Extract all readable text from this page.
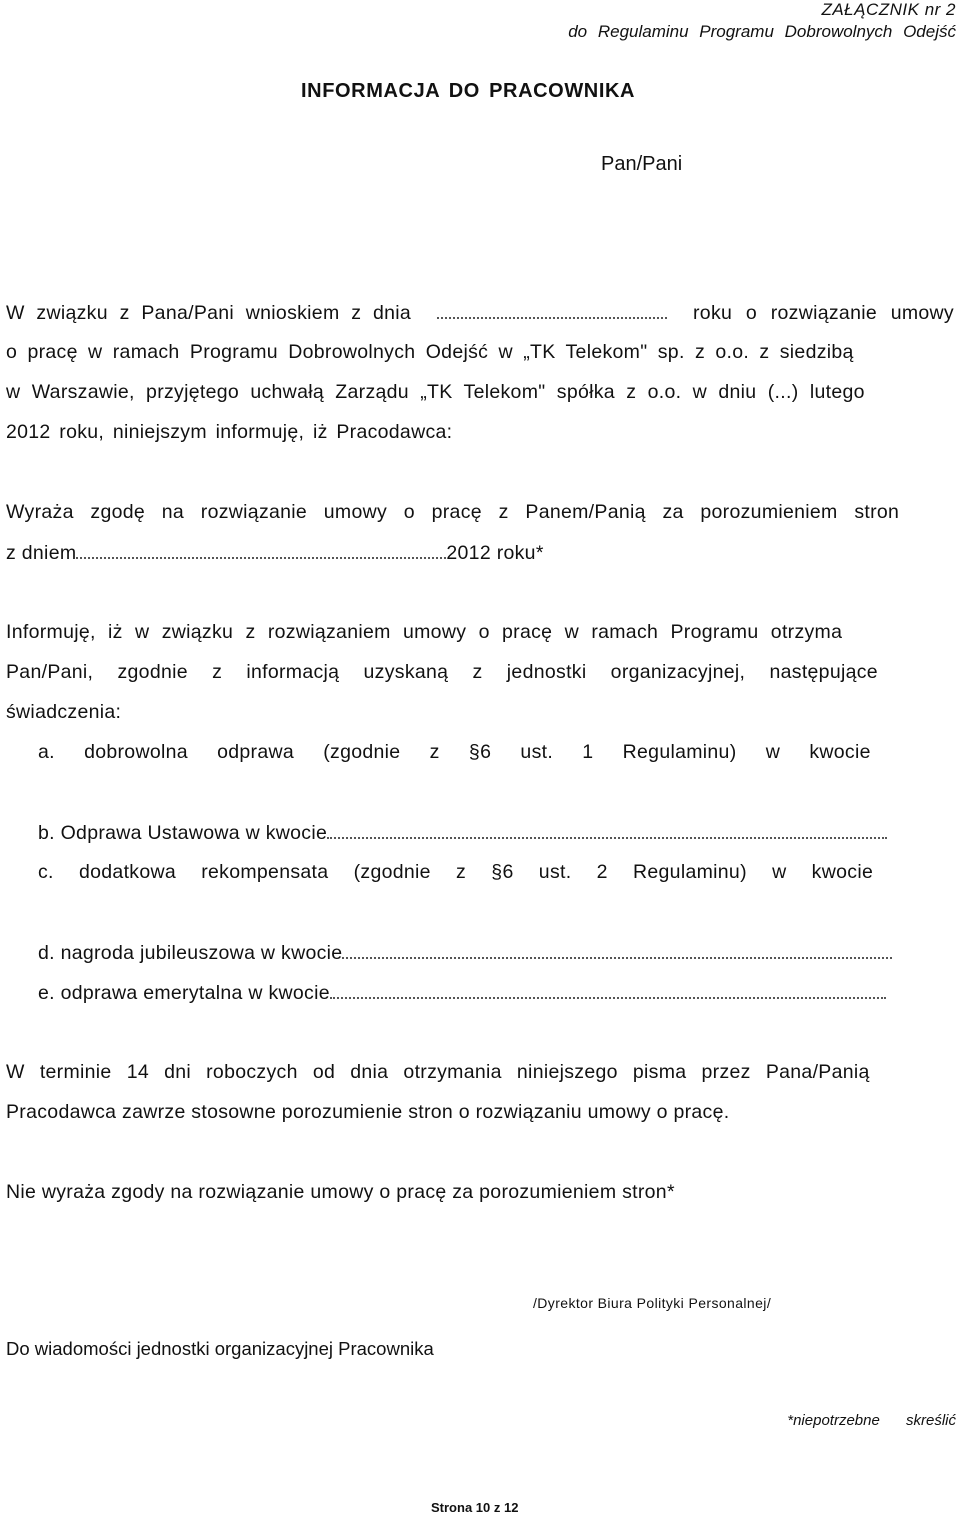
ZAŁĄCZNIK nr 2
do Regulaminu Programu Dobrowolnych Odejść
INFORMACJA DO PRACOWNIKA
Pan/Pani
W związku z Pana/Pani wnioskiem z dnia	roku o rozwiązanie umowy
o pracę w ramach Programu Dobrowolnych Odejść w „TK Telekom" sp. z o.o. z siedzibą
w Warszawie, przyjętego uchwałą Zarządu „TK Telekom" spółka z o.o. w dniu (...) lutego
2012 roku, niniejszym informuję, iż Pracodawca:
Wyraża zgodę na rozwiązanie umowy o pracę z Panem/Panią za porozumieniem stron
z dniem	2012 roku*
Informuję, iż w związku z rozwiązaniem umowy o pracę w ramach Programu otrzyma
Pan/Pani, zgodnie z informacją uzyskaną z jednostki organizacyjnej, następujące
świadczenia:
a. dobrowolna odprawa (zgodnie z §6 ust. 1 Regulaminu) w kwocie
b. Odprawa Ustawowa w kwocie
c. dodatkowa rekompensata (zgodnie z §6 ust. 2 Regulaminu) w kwocie
d. nagroda jubileuszowa w kwocie
e. odprawa emerytalna w kwocie
W terminie 14 dni roboczych od dnia otrzymania niniejszego pisma przez Pana/Panią
Pracodawca zawrze stosowne porozumienie stron o rozwiązaniu umowy o pracę.
Nie wyraża zgody na rozwiązanie umowy o pracę za porozumieniem stron*
/Dyrektor Biura Polityki Personalnej/
Do wiadomości jednostki organizacyjnej Pracownika
*niepotrzebne skreślić
Strona 10 z 12
